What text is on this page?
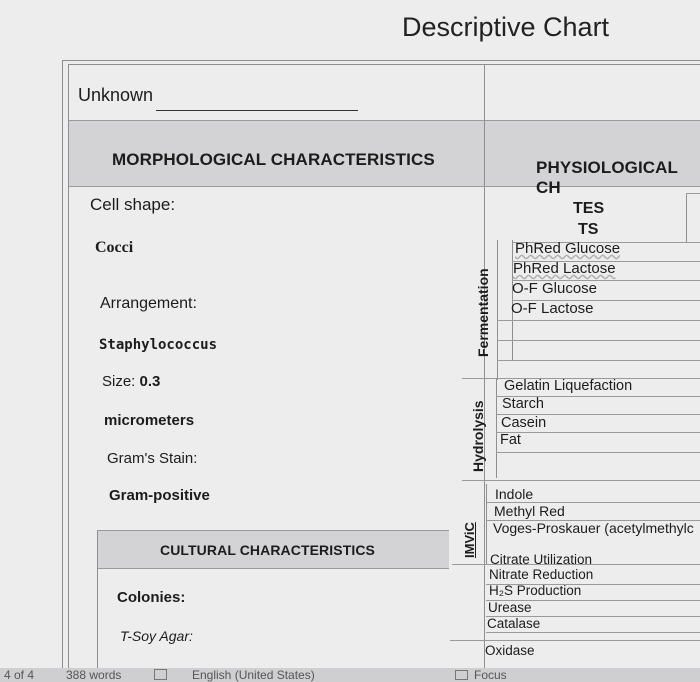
Descriptive Chart
Unknown
MORPHOLOGICAL CHARACTERISTICS	PHYSIOLOGICAL CH
Cell shape:
Cocci
Arrangement:
Staphylococcus
Size: 0.3
micrometers
Gram's Stain:
Gram-positive
CULTURAL CHARACTERISTICS
Colonies:
T-Soy Agar:
TES
TS
Fermentation
PhRed Glucose
PhRed Lactose
O-F Glucose
O-F Lactose
Hydrolysis
Gelatin Liquefaction
Starch
Casein
Fat
IMViC
Indole
Methyl Red
Voges-Proskauer (acetylmethylc
Citrate Utilization
Nitrate Reduction
H₂S Production
Urease
Catalase
Oxidase
4 of 4	388 words	English (United States)	Focus
